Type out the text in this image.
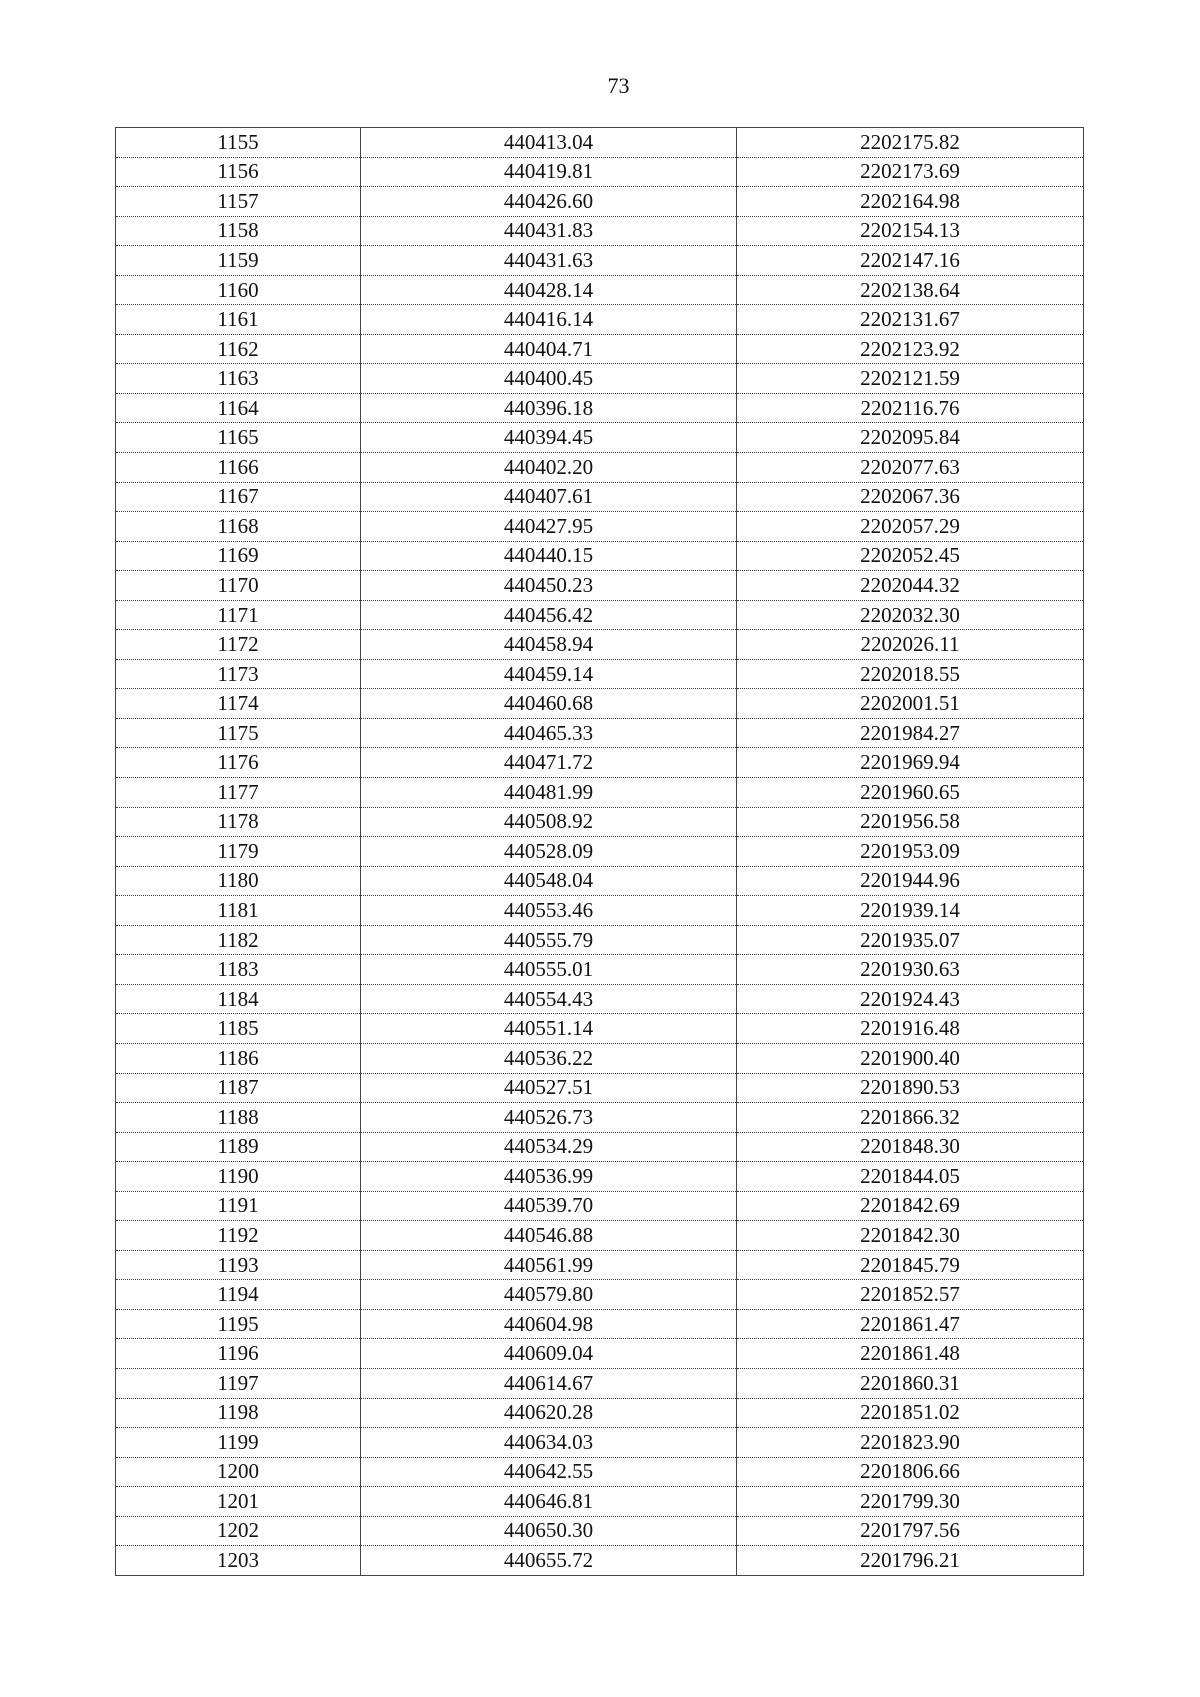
73
1155	440413.04	2202175.82
1156	440419.81	2202173.69
1157	440426.60	2202164.98
1158	440431.83	2202154.13
1159	440431.63	2202147.16
1160	440428.14	2202138.64
1161	440416.14	2202131.67
1162	440404.71	2202123.92
1163	440400.45	2202121.59
1164	440396.18	2202116.76
1165	440394.45	2202095.84
1166	440402.20	2202077.63
1167	440407.61	2202067.36
1168	440427.95	2202057.29
1169	440440.15	2202052.45
1170	440450.23	2202044.32
1171	440456.42	2202032.30
1172	440458.94	2202026.11
1173	440459.14	2202018.55
1174	440460.68	2202001.51
1175	440465.33	2201984.27
1176	440471.72	2201969.94
1177	440481.99	2201960.65
1178	440508.92	2201956.58
1179	440528.09	2201953.09
1180	440548.04	2201944.96
1181	440553.46	2201939.14
1182	440555.79	2201935.07
1183	440555.01	2201930.63
1184	440554.43	2201924.43
1185	440551.14	2201916.48
1186	440536.22	2201900.40
1187	440527.51	2201890.53
1188	440526.73	2201866.32
1189	440534.29	2201848.30
1190	440536.99	2201844.05
1191	440539.70	2201842.69
1192	440546.88	2201842.30
1193	440561.99	2201845.79
1194	440579.80	2201852.57
1195	440604.98	2201861.47
1196	440609.04	2201861.48
1197	440614.67	2201860.31
1198	440620.28	2201851.02
1199	440634.03	2201823.90
1200	440642.55	2201806.66
1201	440646.81	2201799.30
1202	440650.30	2201797.56
1203	440655.72	2201796.21
